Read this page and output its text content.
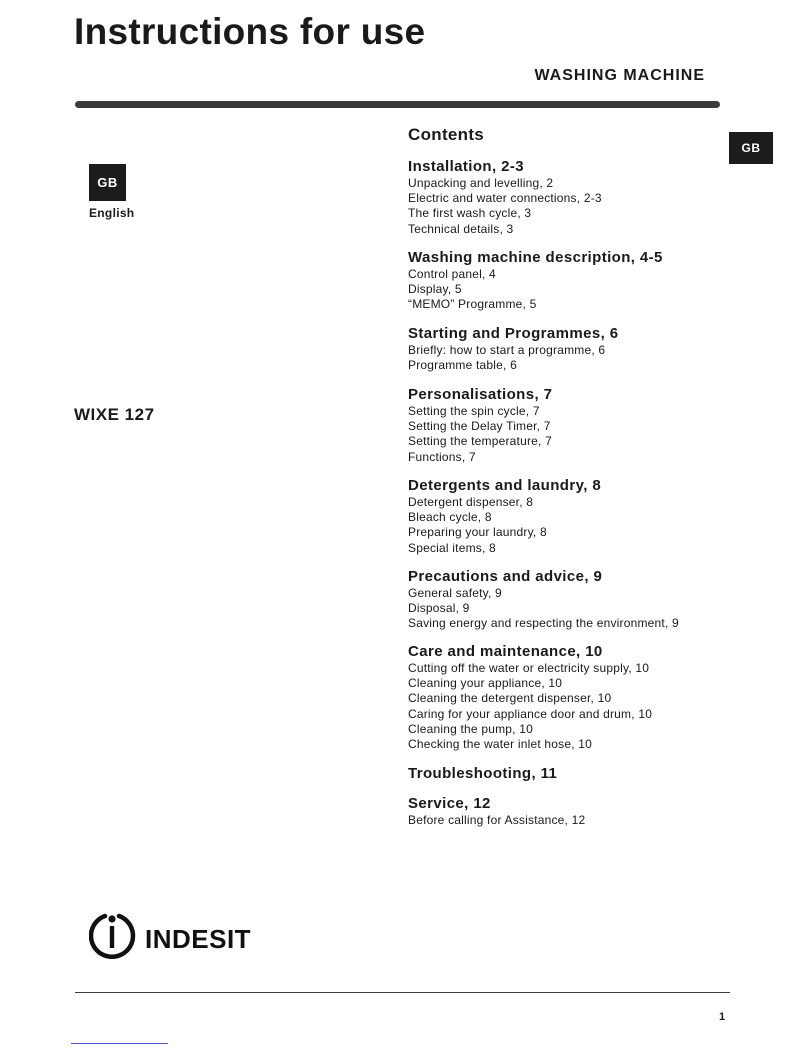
Instructions for use
WASHING MACHINE
GB
English
GB
WIXE 127
Contents
Installation, 2-3
Unpacking and levelling, 2
Electric and water connections, 2-3
The first wash cycle, 3
Technical details, 3
Washing machine description, 4-5
Control panel, 4
Display, 5
“MEMO” Programme, 5
Starting and Programmes, 6
Briefly: how to start a programme, 6
Programme table, 6
Personalisations, 7
Setting the spin cycle, 7
Setting the Delay Timer, 7
Setting the temperature, 7
Functions, 7
Detergents and laundry, 8
Detergent dispenser, 8
Bleach cycle, 8
Preparing your laundry, 8
Special items, 8
Precautions and advice, 9
General safety, 9
Disposal, 9
Saving energy and respecting the environment, 9
Care and maintenance, 10
Cutting off the water or electricity supply, 10
Cleaning your appliance, 10
Cleaning the detergent dispenser, 10
Caring for your appliance door and drum, 10
Cleaning the pump, 10
Checking the water inlet hose, 10
Troubleshooting, 11
Service, 12
Before calling for Assistance, 12
INDESIT
1
